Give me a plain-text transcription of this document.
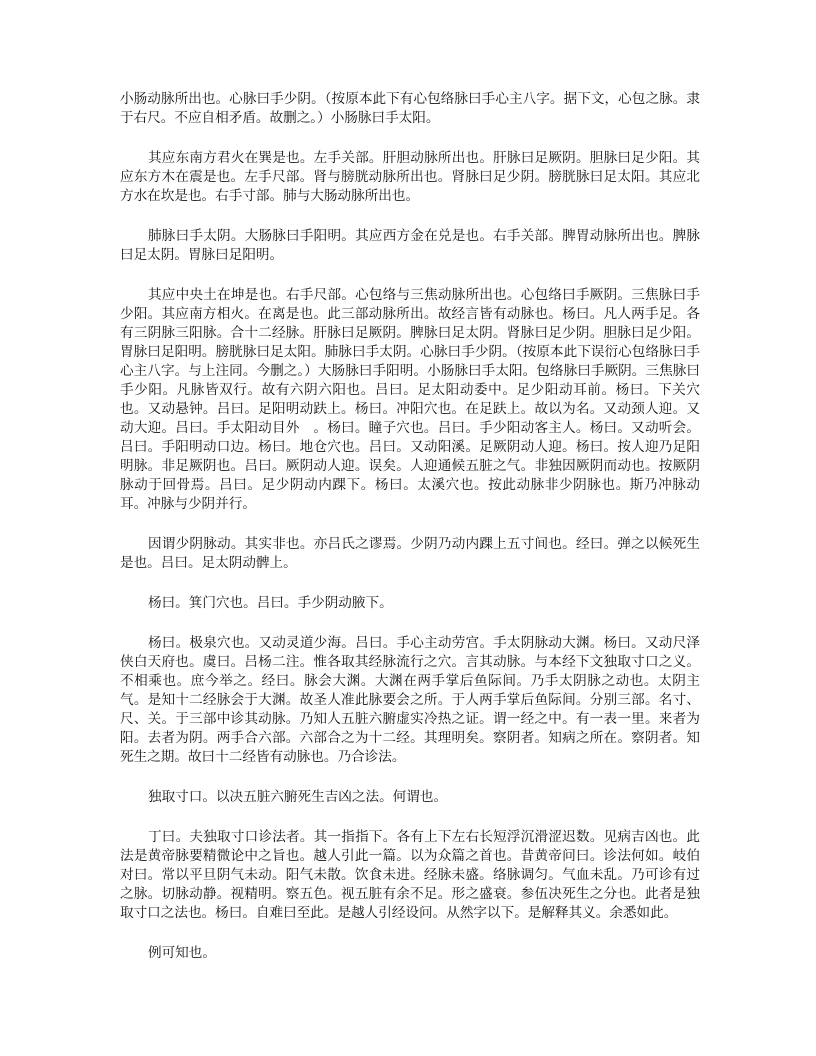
小肠动脉所出也。心脉曰手少阴。（按原本此下有心包络脉曰手心主八字。据下文，心包之脉。隶于右尺。不应自相矛盾。故删之。）小肠脉曰手太阳。

其应东南方君火在巽是也。左手关部。肝胆动脉所出也。肝脉曰足厥阴。胆脉曰足少阳。其应东方木在震是也。左手尺部。肾与膀胱动脉所出也。肾脉曰足少阴。膀胱脉曰足太阳。其应北方水在坎是也。右手寸部。肺与大肠动脉所出也。

肺脉曰手太阴。大肠脉曰手阳明。其应西方金在兑是也。右手关部。脾胃动脉所出也。脾脉曰足太阴。胃脉曰足阳明。

其应中央土在坤是也。右手尺部。心包络与三焦动脉所出也。心包络曰手厥阴。三焦脉曰手少阳。其应南方相火。在离是也。此三部动脉所出。故经言皆有动脉也。杨曰。凡人两手足。各有三阴脉三阳脉。合十二经脉。肝脉曰足厥阴。脾脉曰足太阴。肾脉曰足少阴。胆脉曰足少阳。胃脉曰足阳明。膀胱脉曰足太阳。肺脉曰手太阴。心脉曰手少阴。（按原本此下误衍心包络脉曰手心主八字。与上注同。今删之。）大肠脉曰手阳明。小肠脉曰手太阳。包络脉曰手厥阴。三焦脉曰手少阳。凡脉皆双行。故有六阴六阳也。吕曰。足太阳动委中。足少阳动耳前。杨曰。下关穴也。又动悬钟。吕曰。足阳明动趺上。杨曰。冲阳穴也。在足趺上。故以为名。又动颈人迎。又动大迎。吕曰。手太阳动目外　。杨曰。瞳子穴也。吕曰。手少阳动客主人。杨曰。又动听会。吕曰。手阳明动口边。杨曰。地仓穴也。吕曰。又动阳溪。足厥阴动人迎。杨曰。按人迎乃足阳明脉。非足厥阴也。吕曰。厥阴动人迎。误矣。人迎通候五脏之气。非独因厥阴而动也。按厥阴脉动于回骨焉。吕曰。足少阴动内踝下。杨曰。太溪穴也。按此动脉非少阴脉也。斯乃冲脉动耳。冲脉与少阴并行。

因谓少阴脉动。其实非也。亦吕氏之谬焉。少阴乃动内踝上五寸间也。经曰。弹之以候死生是也。吕曰。足太阴动髀上。

杨曰。箕门穴也。吕曰。手少阴动腋下。

杨曰。极泉穴也。又动灵道少海。吕曰。手心主动劳宫。手太阴脉动大渊。杨曰。又动尺泽侠白天府也。虞曰。吕杨二注。惟各取其经脉流行之穴。言其动脉。与本经下文独取寸口之义。不相乘也。庶今举之。经曰。脉会大渊。大渊在两手掌后鱼际间。乃手太阴脉之动也。太阴主气。是知十二经脉会于大渊。故圣人准此脉要会之所。于人两手掌后鱼际间。分别三部。名寸、尺、关。于三部中诊其动脉。乃知人五脏六腑虚实冷热之证。谓一经之中。有一表一里。来者为阳。去者为阴。两手合六部。六部合之为十二经。其理明矣。察阴者。知病之所在。察阴者。知死生之期。故曰十二经皆有动脉也。乃合诊法。

独取寸口。以决五脏六腑死生吉凶之法。何谓也。

丁曰。夫独取寸口诊法者。其一指指下。各有上下左右长短浮沉滑涩迟数。见病吉凶也。此法是黄帝脉要精微论中之旨也。越人引此一篇。以为众篇之首也。昔黄帝问曰。诊法何如。岐伯对曰。常以平旦阴气未动。阳气未散。饮食未进。经脉未盛。络脉调匀。气血未乱。乃可诊有过之脉。切脉动静。视精明。察五色。视五脏有余不足。形之盛衰。参伍决死生之分也。此者是独取寸口之法也。杨曰。自难曰至此。是越人引经设问。从然字以下。是解释其义。余悉如此。

例可知也。
